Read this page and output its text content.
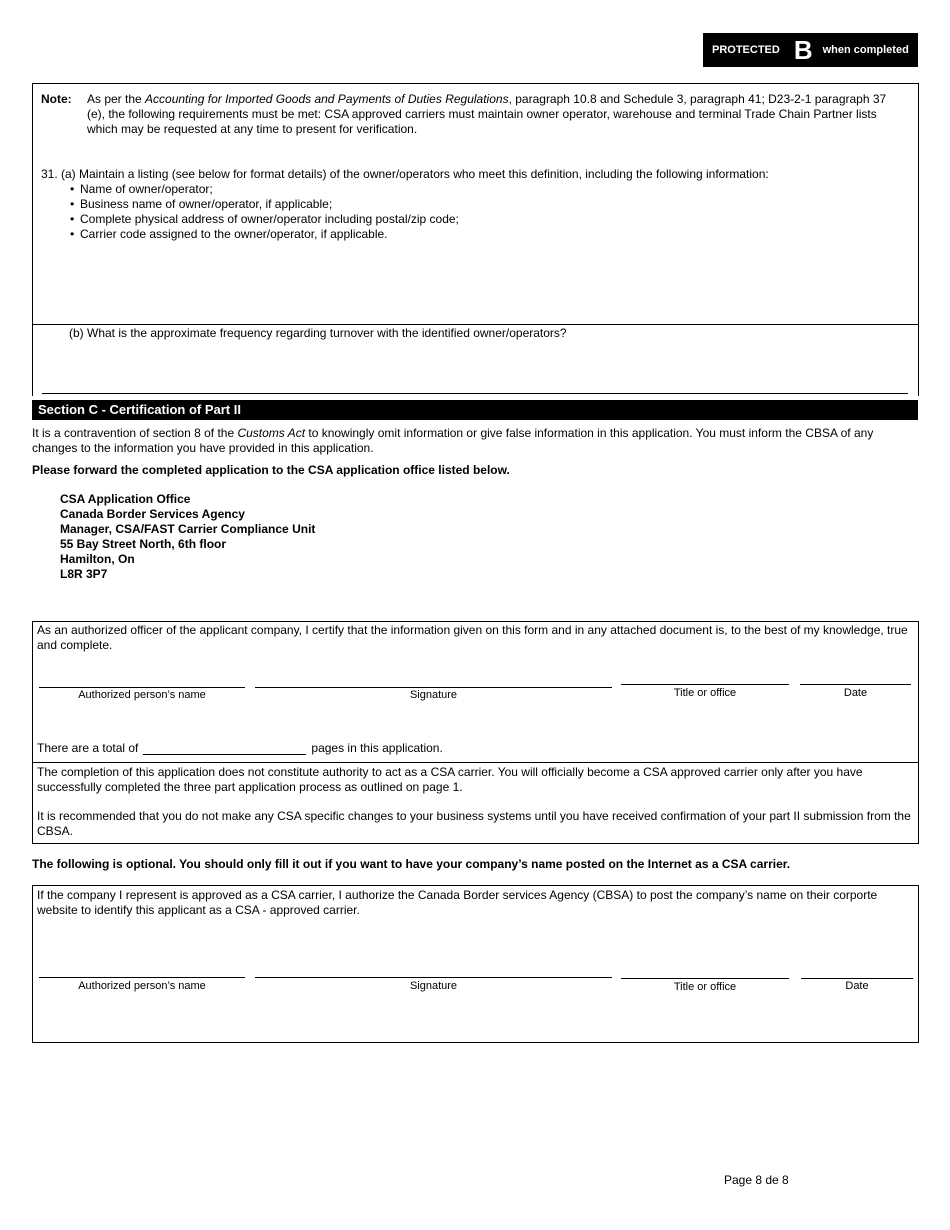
PROTECTED B when completed
Note: As per the Accounting for Imported Goods and Payments of Duties Regulations, paragraph 10.8 and Schedule 3, paragraph 41; D23-2-1 paragraph 37 (e), the following requirements must be met: CSA approved carriers must maintain owner operator, warehouse and terminal Trade Chain Partner lists which may be requested at any time to present for verification.
31. (a) Maintain a listing (see below for format details) of the owner/operators who meet this definition, including the following information:
• Name of owner/operator;
• Business name of owner/operator, if applicable;
• Complete physical address of owner/operator including postal/zip code;
• Carrier code assigned to the owner/operator, if applicable.
(b) What is the approximate frequency regarding turnover with the identified owner/operators?
Section C - Certification of Part II
It is a contravention of section 8 of the Customs Act to knowingly omit information or give false information in this application. You must inform the CBSA of any changes to the information you have provided in this application.
Please forward the completed application to the CSA application office listed below.
CSA Application Office
Canada Border Services Agency
Manager, CSA/FAST Carrier Compliance Unit
55 Bay Street North, 6th floor
Hamilton, On
L8R 3P7
As an authorized officer of the applicant company, I certify that the information given on this form and in any attached document is, to the best of my knowledge, true and complete.
Authorized person’s name	Signature	Title or office	Date
There are a total of	pages in this application.
The completion of this application does not constitute authority to act as a CSA carrier. You will officially become a CSA approved carrier only after you have successfully completed the three part application process as outlined on page 1.
It is recommended that you do not make any CSA specific changes to your business systems until you have received confirmation of your part II submission from the CBSA.
The following is optional. You should only fill it out if you want to have your company’s name posted on the Internet as a CSA carrier.
If the company I represent is approved as a CSA carrier, I authorize the Canada Border services Agency (CBSA) to post the company’s name on their corporte website to identify this applicant as a CSA - approved carrier.
Authorized person’s name	Signature	Title or office	Date
Page 8 de 8
